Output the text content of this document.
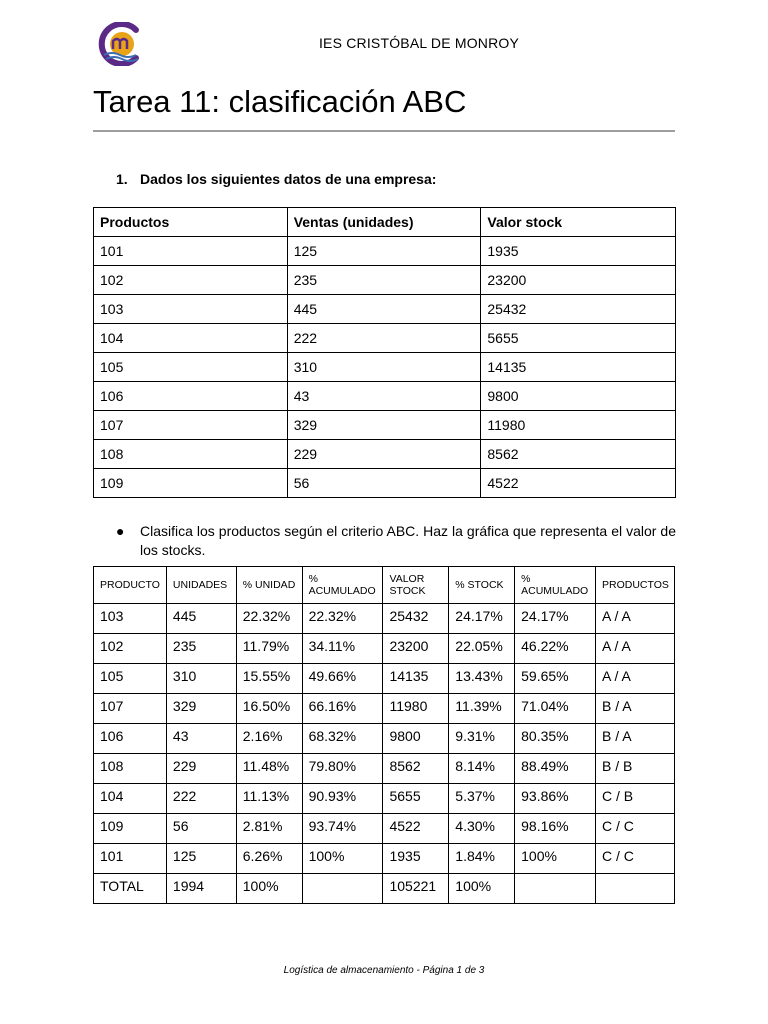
IES CRISTÓBAL DE MONROY
Tarea 11: clasificación ABC
1. Dados los siguientes datos de una empresa:
Productos	Ventas (unidades)	Valor stock
101	125	1935
102	235	23200
103	445	25432
104	222	5655
105	310	14135
106	43	9800
107	329	11980
108	229	8562
109	56	4522
● Clasifica los productos según el criterio ABC. Haz la gráfica que representa el valor de los stocks.
PRODUCTO	UNIDADES	% UNIDAD	% ACUMULADO	VALOR STOCK	% STOCK	% ACUMULADO	PRODUCTOS
103	445	22.32%	22.32%	25432	24.17%	24.17%	A / A
102	235	11.79%	34.11%	23200	22.05%	46.22%	A / A
105	310	15.55%	49.66%	14135	13.43%	59.65%	A / A
107	329	16.50%	66.16%	11980	11.39%	71.04%	B / A
106	43	2.16%	68.32%	9800	9.31%	80.35%	B / A
108	229	11.48%	79.80%	8562	8.14%	88.49%	B / B
104	222	11.13%	90.93%	5655	5.37%	93.86%	C / B
109	56	2.81%	93.74%	4522	4.30%	98.16%	C / C
101	125	6.26%	100%	1935	1.84%	100%	C / C
TOTAL	1994	100%		105221	100%		
Logística de almacenamiento - Página 1 de 3
